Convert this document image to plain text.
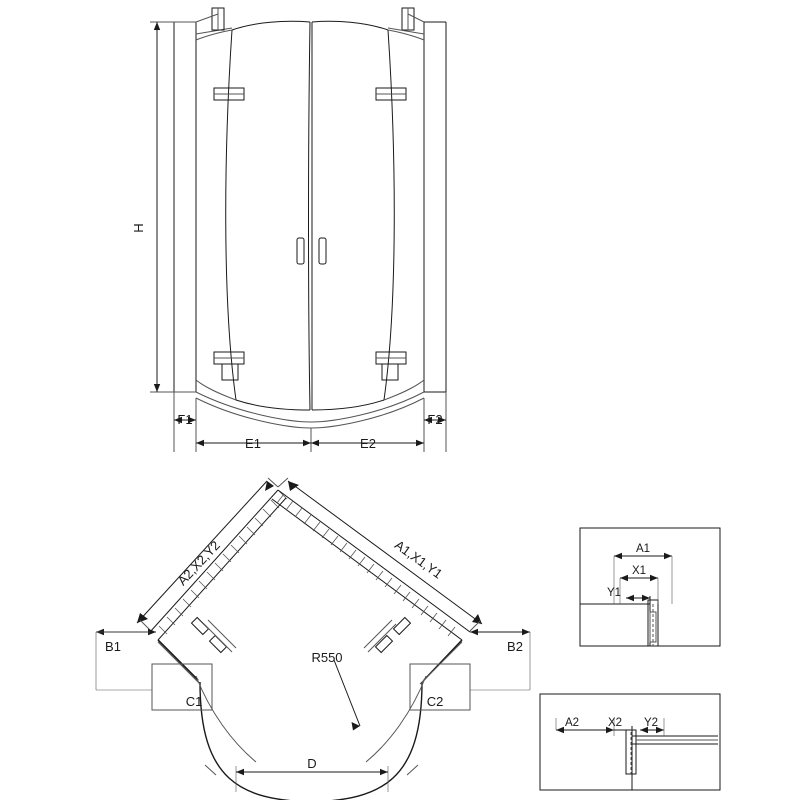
H
F1
E1	E2
F2
A2,X2,Y2	A1,X1,Y1
B1	B2
C1	C2
R550
D
A1
X1
Y1
A2	X2 Y2
